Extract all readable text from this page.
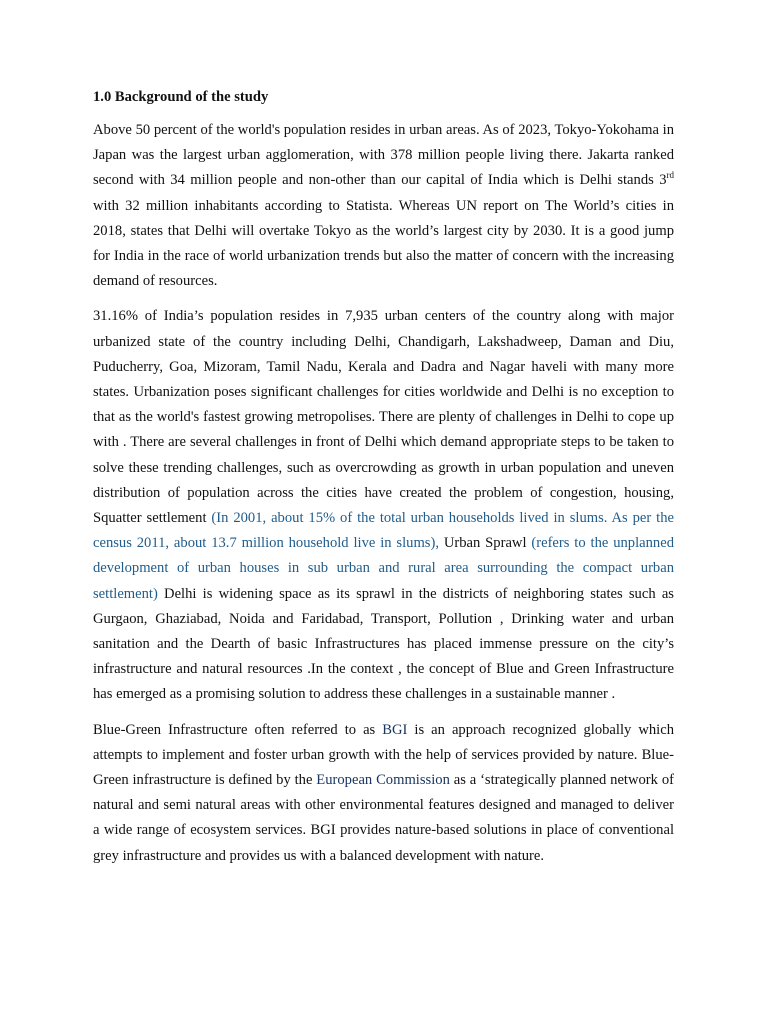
1.0 Background of the study

Above 50 percent of the world's population resides in urban areas. As of 2023, Tokyo-Yokohama in Japan was the largest urban agglomeration, with 378 million people living there. Jakarta ranked second with 34 million people and non-other than our capital of India which is Delhi stands 3rd with 32 million inhabitants according to Statista. Whereas UN report on The World’s cities in 2018, states that Delhi will overtake Tokyo as the world’s largest city by 2030. It is a good jump for India in the race of world urbanization trends but also the matter of concern with the increasing demand of resources.

31.16% of India’s population resides in 7,935 urban centers of the country along with major urbanized state of the country including Delhi, Chandigarh, Lakshadweep, Daman and Diu, Puducherry, Goa, Mizoram, Tamil Nadu, Kerala and Dadra and Nagar haveli with many more states. Urbanization poses significant challenges for cities worldwide and Delhi is no exception to that as the world's fastest growing metropolises. There are plenty of challenges in Delhi to cope up with . There are several challenges in front of Delhi which demand appropriate steps to be taken to solve these trending challenges, such as overcrowding as growth in urban population and uneven distribution of population across the cities have created the problem of congestion, housing, Squatter settlement (In 2001, about 15% of the total urban households lived in slums. As per the census 2011, about 13.7 million household live in slums), Urban Sprawl (refers to the unplanned development of urban houses in sub urban and rural area surrounding the compact urban settlement) Delhi is widening space as its sprawl in the districts of neighboring states such as Gurgaon, Ghaziabad, Noida and Faridabad, Transport, Pollution , Drinking water and urban sanitation and the Dearth of basic Infrastructures has placed immense pressure on the city’s infrastructure and natural resources .In the context , the concept of Blue and Green Infrastructure has emerged as a promising solution to address these challenges in a sustainable manner .

Blue-Green Infrastructure often referred to as BGI is an approach recognized globally which attempts to implement and foster urban growth with the help of services provided by nature. Blue-Green infrastructure is defined by the European Commission as a ‘strategically planned network of natural and semi natural areas with other environmental features designed and managed to deliver a wide range of ecosystem services. BGI provides nature-based solutions in place of conventional grey infrastructure and provides us with a balanced development with nature.
